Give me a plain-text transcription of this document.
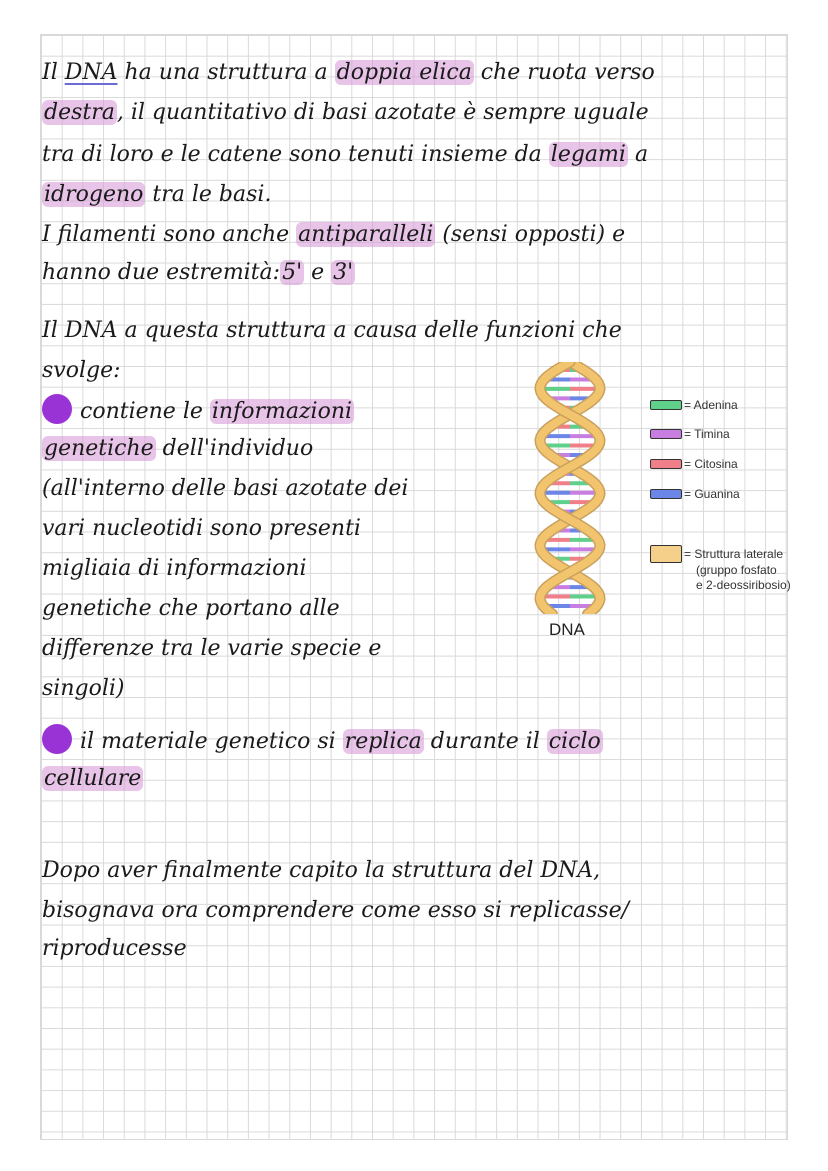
Il DNA ha una struttura a doppia elica che ruota verso
destra, il quantitativo di basi azotate è sempre uguale
tra di loro e le catene sono tenuti insieme da legami a
idrogeno tra le basi.
I filamenti sono anche antiparalleli (sensi opposti) e
hanno due estremità:5' e 3'
Il DNA a questa struttura a causa delle funzioni che
svolge:
contiene le informazioni
genetiche dell'individuo
(all'interno delle basi azotate dei
vari nucleotidi sono presenti
migliaia di informazioni
genetiche che portano alle
differenze tra le varie specie e
singoli)
il materiale genetico si replica durante il ciclo
cellulare
Dopo aver finalmente capito la struttura del DNA,
bisognava ora comprendere come esso si replicasse/
riproducesse
DNA
= Adenina
= Timina
= Citosina
= Guanina
= Struttura laterale
(gruppo fosfato
e 2-deossiribosio)
